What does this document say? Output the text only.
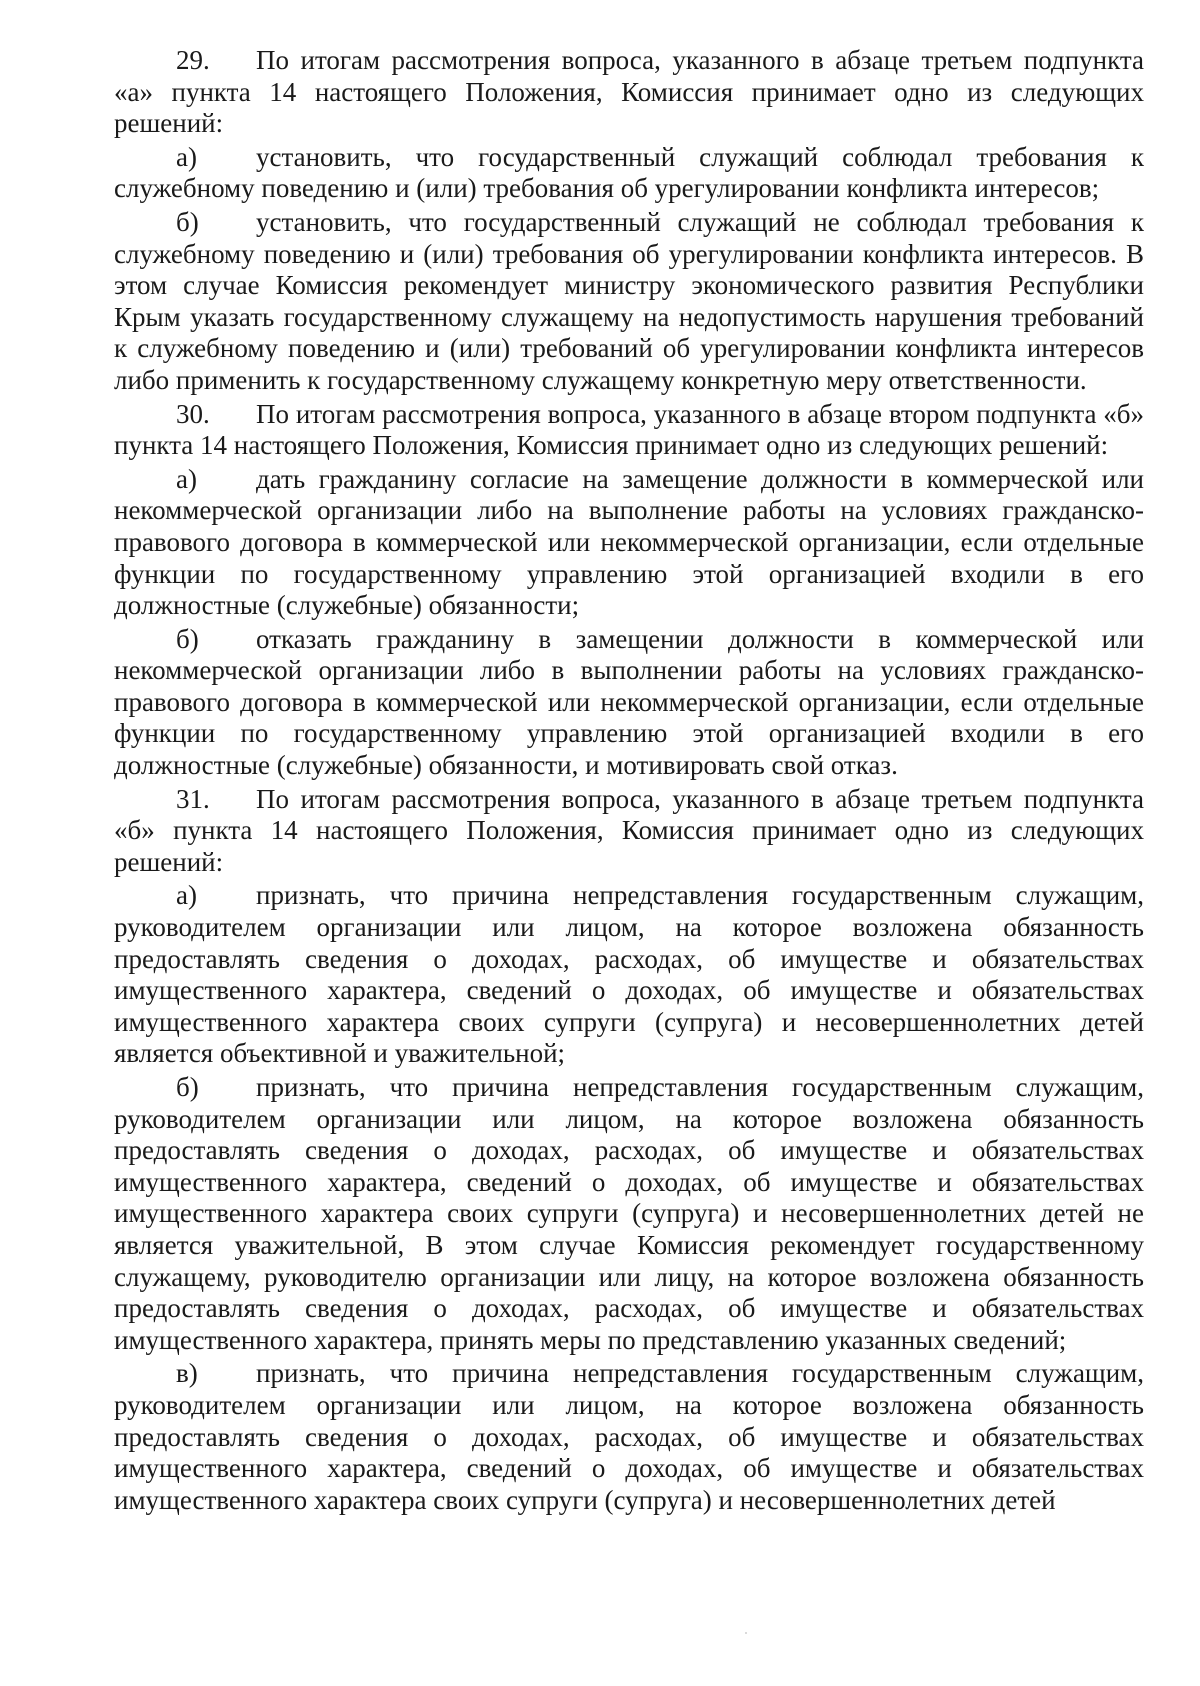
29. По итогам рассмотрения вопроса, указанного в абзаце третьем подпункта «а» пункта 14 настоящего Положения, Комиссия принимает одно из следующих решений:

а) установить, что государственный служащий соблюдал требования к служебному поведению и (или) требования об урегулировании конфликта интересов;

б) установить, что государственный служащий не соблюдал требования к служебному поведению и (или) требования об урегулировании конфликта интересов. В этом случае Комиссия рекомендует министру экономического развития Республики Крым указать государственному служащему на недопустимость нарушения требований к служебному поведению и (или) требований об урегулировании конфликта интересов либо применить к государственному служащему конкретную меру ответственности.

30. По итогам рассмотрения вопроса, указанного в абзаце втором подпункта «б» пункта 14 настоящего Положения, Комиссия принимает одно из следующих решений:

а) дать гражданину согласие на замещение должности в коммерческой или некоммерческой организации либо на выполнение работы на условиях гражданско-правового договора в коммерческой или некоммерческой организации, если отдельные функции по государственному управлению этой организацией входили в его должностные (служебные) обязанности;

б) отказать гражданину в замещении должности в коммерческой или некоммерческой организации либо в выполнении работы на условиях гражданско-правового договора в коммерческой или некоммерческой организации, если отдельные функции по государственному управлению этой организацией входили в его должностные (служебные) обязанности, и мотивировать свой отказ.

31. По итогам рассмотрения вопроса, указанного в абзаце третьем подпункта «б» пункта 14 настоящего Положения, Комиссия принимает одно из следующих решений:

а) признать, что причина непредставления государственным служащим, руководителем организации или лицом, на которое возложена обязанность предоставлять сведения о доходах, расходах, об имуществе и обязательствах имущественного характера, сведений о доходах, об имуществе и обязательствах имущественного характера своих супруги (супруга) и несовершеннолетних детей является объективной и уважительной;

б) признать, что причина непредставления государственным служащим, руководителем организации или лицом, на которое возложена обязанность предоставлять сведения о доходах, расходах, об имуществе и обязательствах имущественного характера, сведений о доходах, об имуществе и обязательствах имущественного характера своих супруги (супруга) и несовершеннолетних детей не является уважительной, В этом случае Комиссия рекомендует государственному служащему, руководителю организации или лицу, на которое возложена обязанность предоставлять сведения о доходах, расходах, об имуществе и обязательствах имущественного характера, принять меры по представлению указанных сведений;

в) признать, что причина непредставления государственным служащим, руководителем организации или лицом, на которое возложена обязанность предоставлять сведения о доходах, расходах, об имуществе и обязательствах имущественного характера, сведений о доходах, об имуществе и обязательствах имущественного характера своих супруги (супруга) и несовершеннолетних детей
